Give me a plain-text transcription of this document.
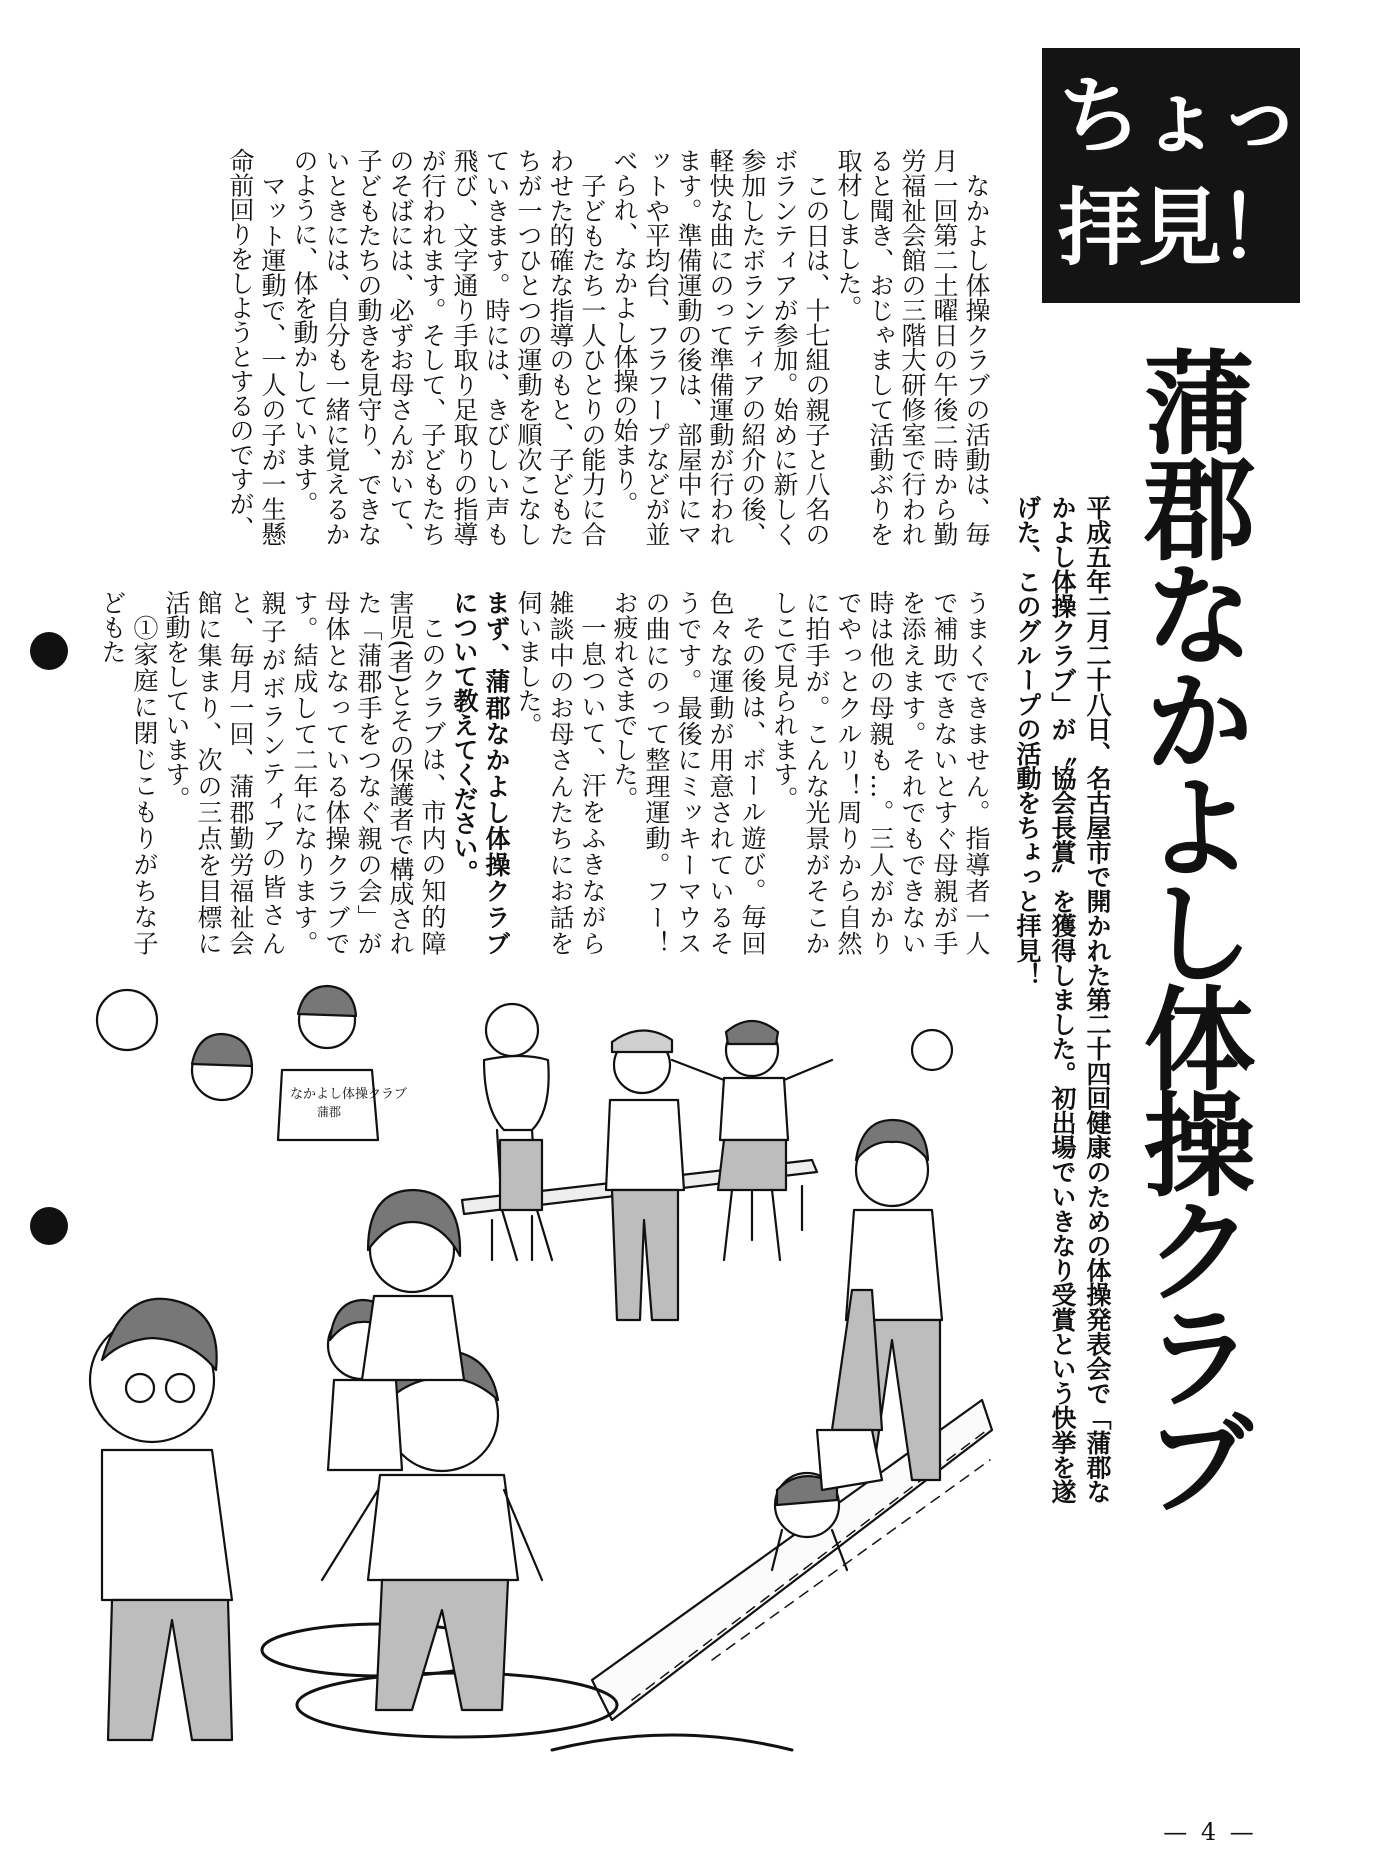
ちょっと
拝見！
蒲郡なかよし体操クラブ
平成五年二月二十八日、名古屋市で開かれた第二十四回健康のための体操発表会で「蒲郡なかよし体操クラブ」が〝協会長賞〟を獲得しました。初出場でいきなり受賞という快挙を遂げた、このグループの活動をちょっと拝見！

なかよし体操クラブの活動は、毎月一回第二土曜日の午後二時から勤労福祉会館の三階大研修室で行われると聞き、おじゃまして活動ぶりを取材しました。

この日は、十七組の親子と八名のボランティアが参加。始めに新しく参加したボランティアの紹介の後、軽快な曲にのって準備運動が行われます。準備運動の後は、部屋中にマットや平均台、フラフープなどが並べられ、なかよし体操の始まり。

子どもたち一人ひとりの能力に合わせた的確な指導のもと、子どもたちが一つひとつの運動を順次こなしていきます。時には、きびしい声も飛び、文字通り手取り足取りの指導が行われます。そして、子どもたちのそばには、必ずお母さんがいて、子どもたちの動きを見守り、できないときには、自分も一緒に覚えるかのように、体を動かしています。

マット運動で、一人の子が一生懸命前回りをしようとするのですが、

うまくできません。指導者一人で補助できないとすぐ母親が手を添えます。それでもできない時は他の母親も…。三人がかりでやっとクルリ！周りから自然に拍手が。こんな光景がそこかしこで見られます。

その後は、ボール遊び。毎回色々な運動が用意されているそうです。最後にミッキーマウスの曲にのって整理運動。フー！お疲れさまでした。

一息ついて、汗をふきながら雑談中のお母さんたちにお話を伺いました。

まず、蒲郡なかよし体操クラブについて教えてください。

このクラブは、市内の知的障害児(者)とその保護者で構成された「蒲郡手をつなぐ親の会」が母体となっている体操クラブです。結成して二年になります。親子がボランティアの皆さんと、毎月一回、蒲郡勤労福祉会館に集まり、次の三点を目標に活動をしています。

①家庭に閉じこもりがちな子どもた

なかよし体操クラブ
蒲郡
— 4 —
